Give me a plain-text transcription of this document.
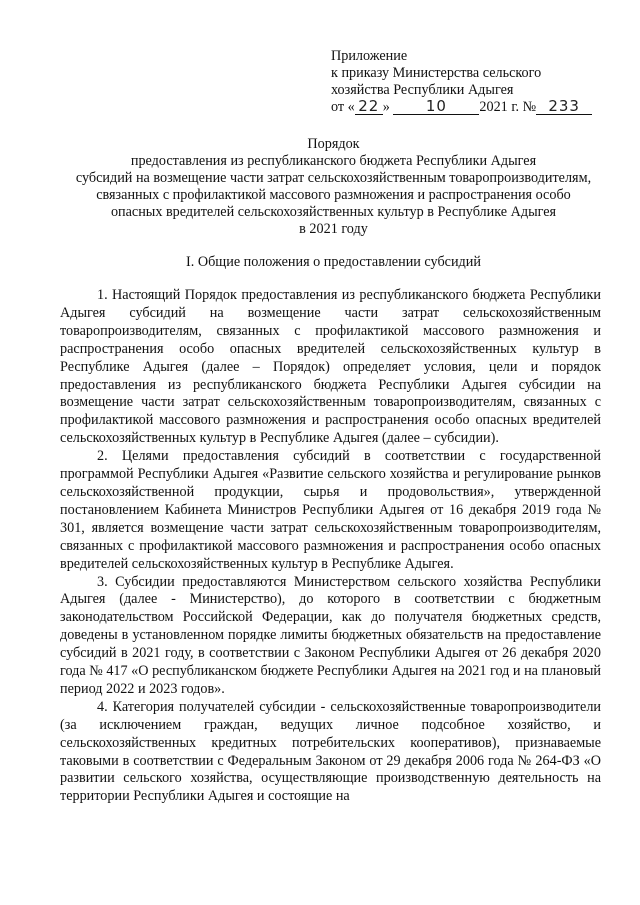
Приложение
к приказу Министерства сельского
хозяйства Республики Адыгея
от « 22 » 10 2021 г. № 233
Порядок
предоставления из республиканского бюджета Республики Адыгея
субсидий на возмещение части затрат сельскохозяйственным товаропроизводителям,
связанных с профилактикой массового размножения и распространения особо
опасных вредителей сельскохозяйственных культур в Республике Адыгея
в 2021 году
I. Общие положения о предоставлении субсидий

1. Настоящий Порядок предоставления из республиканского бюджета Республики Адыгея субсидий на возмещение части затрат сельскохозяйственным товаропроизводителям, связанных с профилактикой массового размножения и распространения особо опасных вредителей сельскохозяйственных культур в Республике Адыгея (далее – Порядок) определяет условия, цели и порядок предоставления из республиканского бюджета Республики Адыгея субсидии на возмещение части затрат сельскохозяйственным товаропроизводителям, связанных с профилактикой массового размножения и распространения особо опасных вредителей сельскохозяйственных культур в Республике Адыгея (далее – субсидии).

2. Целями предоставления субсидий в соответствии с государственной программой Республики Адыгея «Развитие сельского хозяйства и регулирование рынков сельскохозяйственной продукции, сырья и продовольствия», утвержденной постановлением Кабинета Министров Республики Адыгея от 16 декабря 2019 года № 301, является возмещение части затрат сельскохозяйственным товаропроизводителям, связанных с профилактикой массового размножения и распространения особо опасных вредителей сельскохозяйственных культур в Республике Адыгея.

3. Субсидии предоставляются Министерством сельского хозяйства Республики Адыгея (далее - Министерство), до которого в соответствии с бюджетным законодательством Российской Федерации, как до получателя бюджетных средств, доведены в установленном порядке лимиты бюджетных обязательств на предоставление субсидий в 2021 году, в соответствии с Законом Республики Адыгея от 26 декабря 2020 года № 417 «О республиканском бюджете Республики Адыгея на 2021 год и на плановый период 2022 и 2023 годов».

4. Категория получателей субсидии - сельскохозяйственные товаропроизводители (за исключением граждан, ведущих личное подсобное хозяйство, и сельскохозяйственных кредитных потребительских кооперативов), признаваемые таковыми в соответствии с Федеральным Законом от 29 декабря 2006 года № 264-ФЗ «О развитии сельского хозяйства, осуществляющие производственную деятельность на территории Республики Адыгея и состоящие на
